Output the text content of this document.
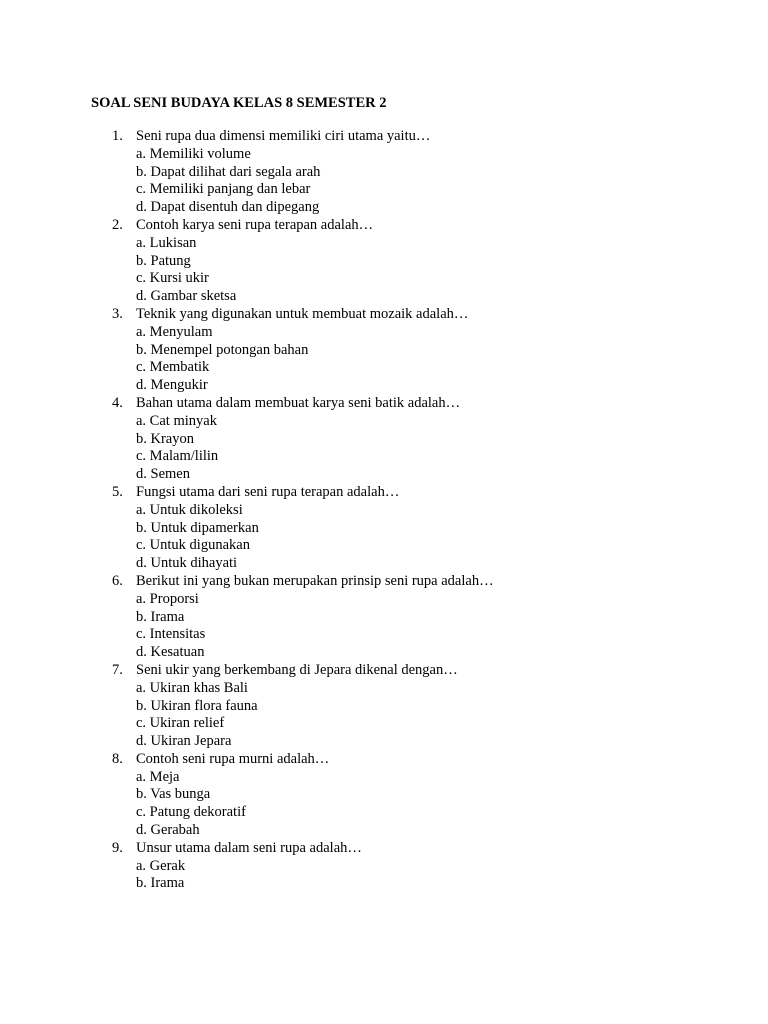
SOAL SENI BUDAYA KELAS 8 SEMESTER 2
1. Seni rupa dua dimensi memiliki ciri utama yaitu…
a. Memiliki volume
b. Dapat dilihat dari segala arah
c. Memiliki panjang dan lebar
d. Dapat disentuh dan dipegang
2. Contoh karya seni rupa terapan adalah…
a. Lukisan
b. Patung
c. Kursi ukir
d. Gambar sketsa
3. Teknik yang digunakan untuk membuat mozaik adalah…
a. Menyulam
b. Menempel potongan bahan
c. Membatik
d. Mengukir
4. Bahan utama dalam membuat karya seni batik adalah…
a. Cat minyak
b. Krayon
c. Malam/lilin
d. Semen
5. Fungsi utama dari seni rupa terapan adalah…
a. Untuk dikoleksi
b. Untuk dipamerkan
c. Untuk digunakan
d. Untuk dihayati
6. Berikut ini yang bukan merupakan prinsip seni rupa adalah…
a. Proporsi
b. Irama
c. Intensitas
d. Kesatuan
7. Seni ukir yang berkembang di Jepara dikenal dengan…
a. Ukiran khas Bali
b. Ukiran flora fauna
c. Ukiran relief
d. Ukiran Jepara
8. Contoh seni rupa murni adalah…
a. Meja
b. Vas bunga
c. Patung dekoratif
d. Gerabah
9. Unsur utama dalam seni rupa adalah…
a. Gerak
b. Irama
